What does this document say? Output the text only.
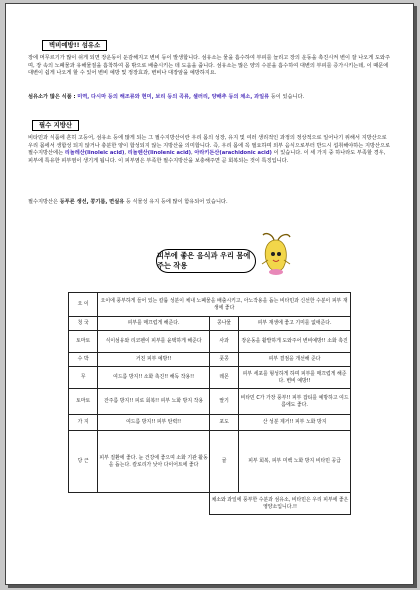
벽비예방!! 섬유소

장에 머무르기가 많이 쉬게 되면 장운동이 둔감해지고 변비 등이 발생합니다. 섬유소는 물을 흡수하여 부피를 늘리고 장의 운동을 촉진시켜 변이 잘 나오게 도와주며, 장 속의 노폐물과 유해물질을 흡착하여 몸 밖으로 배출시키는 데 도움을 줍니다. 섬유소는 많은 양의 수분을 흡수하여 대변의 부피를 증가시키는데, 이 때문에 대변이 쉽게 나오게 할 수 있어 변비 예방 및 정장효과, 변비나 대장암을 예방하지요.

섬유소가 많은 식품 : 미역, 다시마 등의 해조류와 현미, 보리 등의 곡류, 셀러리, 양배추 등의 채소, 과일류 등이 있습니다.

필수 지방산

비타민과 식품에 흔히 고등어, 섬유소 등에 많게 되는 그 필수지방산이란 우리 몸의 성장, 유지 및 여러 생리적인 과정의 정상적으로 일어나기 위해서 지방산으로 우리 몸에서 생합성 되지 않거나 충분한 양이 합성되지 않는 지방산을 의미합니다. 즉, 우리 몸에 꼭 필요하며 외부 음식으로부터 반드시 섭취해야하는 지방산으로 필수지방산에는 리놀레산(linoleic acid), 리놀렌산(linolenic acid), 아라키돈산(arachidonic acid) 이 있습니다. 이 세 가지 중 하나라도 부족할 경우, 피부에 특유한 피부염이 생기게 됩니다. 이 피부염은 부족한 필수지방산을 보충해주면 곧 회복되는 것이 특징입니다.

필수지방산은 등푸른 생선, 콩기름, 면실유 등 식물성 유지 등에 많이 함유되어 있습니다.

피부에 좋은 음식과 우리 몸에 주는 작용
오 이	오이에 풍부하게 들어 있는 칼륨 성분이 체내 노폐물을 배출시키고, 아노작용을 돕는 비타민과 신선한 수분이 피부 재생에 좋다		
청 국	피부를 매끄럽게 해준다.	콩나물	피부 재생에 좋고 기미를 없애준다.
토마토	식이섬유와 리코펜이 피부를 윤택하게 해준다	사과	장운동을 활발하게 도와주어 변비예방!! 소화 촉진
수 박	거친 피부 예방!!	풋콩	피부 결점을 개선해 준다
무	여드름 방지!! 소화 촉진!! 해독 작용!!	레몬	피부 세포를 형성하게 하며 피부를 매끄럽게 해준다. 변비 예방!!
토마토	잔주름 방지!! 피로 회복!! 피부 노화 방지 작용	딸기	비타민 C가 가장 풍부!! 피부 잡티를 예방하고 여드름에도 좋다.
가 지	여드름 방지!! 피부 탄력!!	포도	산 성분 제거!! 피부 노화 방지
당 근	피부 질환에 좋다. 눈 건강에 좋으며 소화 기관 활동을 돕는다. 칼로리가 낮아 다이어트에 좋다	귤	피부 회복, 피부 미백 노화 방지 비타민 공급
		채소와 과일에 풍부한 수분과 섬유소, 비타민은 우리 피부에 좋은 영양소입니다.!!	
